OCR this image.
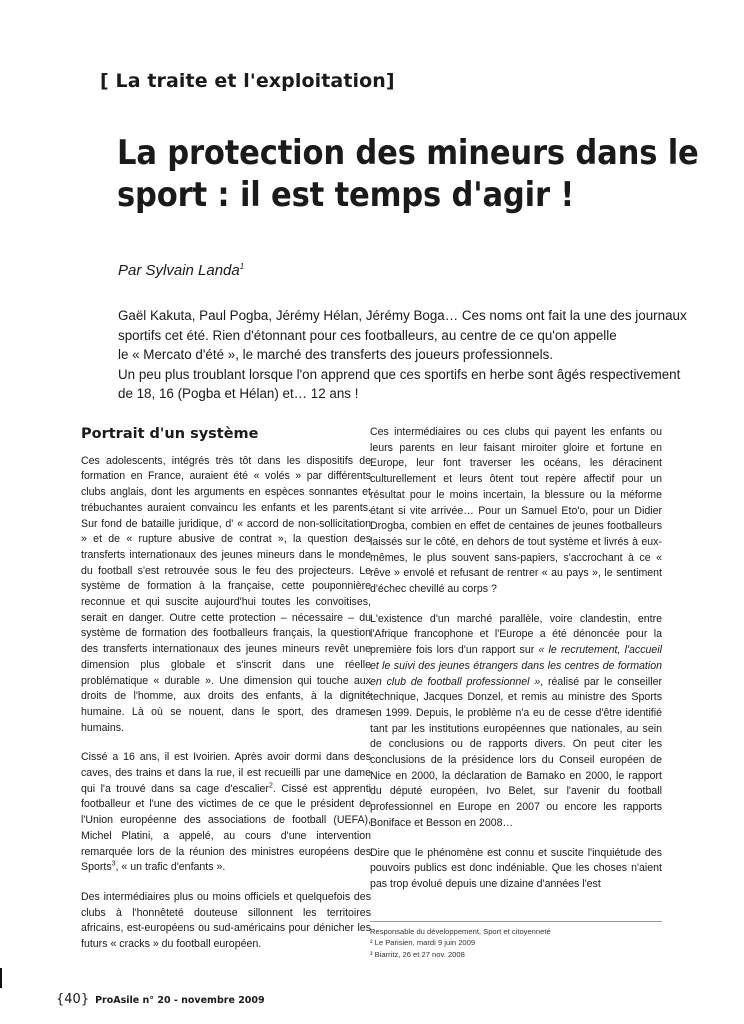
[ La traite et l'exploitation]
La protection des mineurs dans le
sport : il est temps d'agir !
Par Sylvain Landa$^1$

Gaël Kakuta, Paul Pogba, Jérémy Hélan, Jérémy Boga… Ces noms ont fait la une des journaux

sportifs cet été. Rien d'étonnant pour ces footballeurs, au centre de ce qu'on appelle

le « Mercato d'été », le marché des transferts des joueurs professionnels.

Un peu plus troublant lorsque l'on apprend que ces sportifs en herbe sont âgés respectivement

de 18, 16 (Pogba et Hélan) et… 12 ans !

Portrait d'un système

Ces adolescents, intégrés très tôt dans les dispositifs de formation en France, auraient été « volés » par différents clubs anglais, dont les arguments en espèces sonnantes et trébuchantes auraient convaincu les enfants et les parents. Sur fond de bataille juridique, d' « accord de non-sollicitation » et de « rupture abusive de contrat », la question des transferts internationaux des jeunes mineurs dans le monde du football s'est retrouvée sous le feu des projecteurs. Le système de formation à la française, cette pouponnière reconnue et qui suscite aujourd'hui toutes les convoitises, serait en danger. Outre cette protection – nécessaire – du système de formation des footballeurs français, la question des transferts internationaux des jeunes mineurs revêt une dimension plus globale et s'inscrit dans une réelle problématique « durable ». Une dimension qui touche aux droits de l'homme, aux droits des enfants, à la dignité humaine. Là où se nouent, dans le sport, des drames humains.

Cissé a 16 ans, il est Ivoirien. Après avoir dormi dans des caves, des trains et dans la rue, il est recueilli par une dame qui l'a trouvé dans sa cage d'escalier$^2$. Cissé est apprenti footballeur et l'une des victimes de ce que le président de l'Union européenne des associations de football (UEFA), Michel Platini, a appelé, au cours d'une intervention remarquée lors de la réunion des ministres européens des Sports$^3$, « un trafic d'enfants ».

Des intermédiaires plus ou moins officiels et quelquefois des clubs à l'honnêteté douteuse sillonnent les territoires africains, est-européens ou sud-américains pour dénicher les futurs « cracks » du football européen.

Ces intermédiaires ou ces clubs qui payent les enfants ou leurs parents en leur faisant miroiter gloire et fortune en Europe, leur font traverser les océans, les déracinent culturellement et leurs ôtent tout repère affectif pour un résultat pour le moins incertain, la blessure ou la méforme étant si vite arrivée… Pour un Samuel Eto'o, pour un Didier Drogba, combien en effet de centaines de jeunes footballeurs laissés sur le côté, en dehors de tout système et livrés à eux-mêmes, le plus souvent sans-papiers, s'accrochant à ce « rêve » envolé et refusant de rentrer « au pays », le sentiment d'échec chevillé au corps ?

L'existence d'un marché parallèle, voire clandestin, entre l'Afrique francophone et l'Europe a été dénoncée pour la première fois lors d'un rapport sur « le recrutement, l'accueil et le suivi des jeunes étrangers dans les centres de formation en club de football professionnel », réalisé par le conseiller technique, Jacques Donzel, et remis au ministre des Sports en 1999. Depuis, le problème n'a eu de cesse d'être identifié tant par les institutions européennes que nationales, au sein de conclusions ou de rapports divers. On peut citer les conclusions de la présidence lors du Conseil européen de Nice en 2000, la déclaration de Bamako en 2000, le rapport du député européen, Ivo Belet, sur l'avenir du football professionnel en Europe en 2007 ou encore les rapports Boniface et Besson en 2008…

Dire que le phénomène est connu et suscite l'inquiétude des pouvoirs publics est donc indéniable. Que les choses n'aient pas trop évolué depuis une dizaine d'années l'est

Responsable du développement, Sport et citoyenneté
² Le Parisien, mardi 9 juin 2009
³ Biarritz, 26 et 27 nov. 2008
{40} ProAsile n° 20 - novembre 2009
